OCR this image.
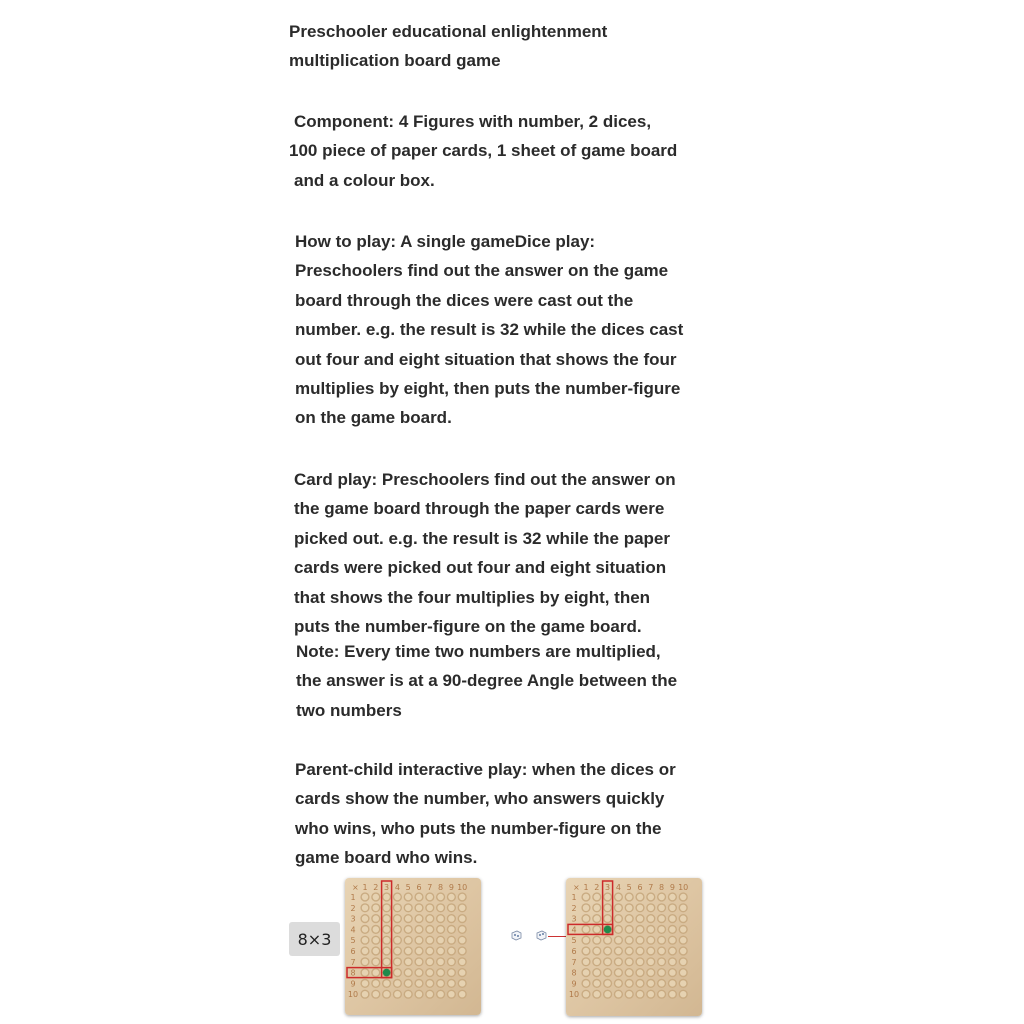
Preschooler educational enlightenment
multiplication board game
Component: 4 Figures with number, 2 dices,
100 piece of paper cards, 1 sheet of game board
and a colour box.
How to play: A single gameDice play:
Preschoolers find out the answer on the game
board through the dices were cast out the
number. e.g. the result is 32 while the dices cast
out four and eight situation that shows the four
multiplies by eight, then puts the number-figure
on the game board.
Card play: Preschoolers find out the answer on
the game board through the paper cards were
picked out. e.g. the result is 32 while the paper
cards were picked out four and eight situation
that shows the four multiplies by eight, then
puts the number-figure on the game board.
Note: Every time two numbers are multiplied,
the answer is at a 90-degree Angle between the
two numbers
Parent-child interactive play: when the dices or
cards show the number, who answers quickly
who wins, who puts the number-figure on the
game board who wins.
8×3
× 1
1
2
2
3
3
4
4
5
5
6
6
7
7
8
8
9
9
10
10
× 1
1
2
2
3
3
4
4
5
5
6
6
7
7
8
8
9
9
10
10
